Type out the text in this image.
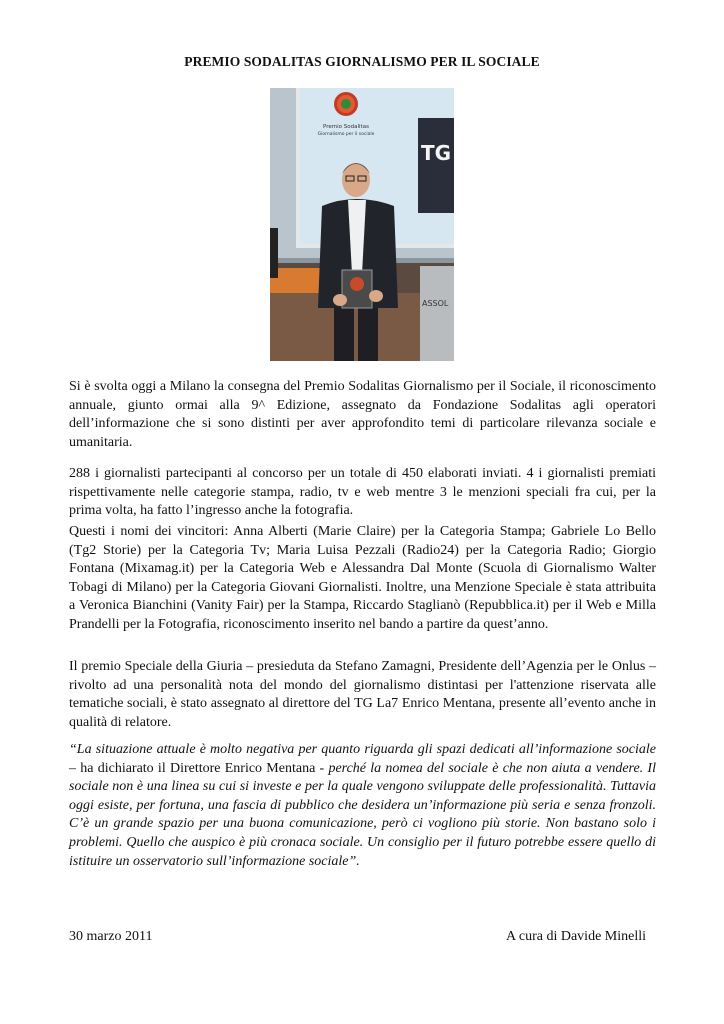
PREMIO SODALITAS GIORNALISMO PER IL SOCIALE
Premio Sodalitas
Giornalismo per il sociale
TG
ASSOL

Si è svolta oggi a Milano la consegna del Premio Sodalitas Giornalismo per il Sociale, il riconoscimento annuale, giunto ormai alla 9^ Edizione, assegnato da Fondazione Sodalitas agli operatori dell’informazione che si sono distinti per aver approfondito temi di particolare rilevanza sociale e umanitaria.

288 i giornalisti partecipanti al concorso per un totale di 450 elaborati inviati. 4 i giornalisti premiati rispettivamente nelle categorie stampa, radio, tv e web mentre 3 le menzioni speciali fra cui, per la prima volta, ha fatto l’ingresso anche la fotografia.

Questi i nomi dei vincitori: Anna Alberti (Marie Claire) per la Categoria Stampa; Gabriele Lo Bello (Tg2 Storie) per la Categoria Tv; Maria Luisa Pezzali (Radio24) per la Categoria Radio; Giorgio Fontana (Mixamag.it) per la Categoria Web e Alessandra Dal Monte (Scuola di Giornalismo Walter Tobagi di Milano) per la Categoria Giovani Giornalisti. Inoltre, una Menzione Speciale è stata attribuita a Veronica Bianchini (Vanity Fair) per la Stampa, Riccardo Staglianò (Repubblica.it) per il Web e Milla Prandelli per la Fotografia, riconoscimento inserito nel bando a partire da quest’anno.

Il premio Speciale della Giuria – presieduta da Stefano Zamagni, Presidente dell’Agenzia per le Onlus – rivolto ad una personalità nota del mondo del giornalismo distintasi per l'attenzione riservata alle tematiche sociali, è stato assegnato al direttore del TG La7 Enrico Mentana, presente all’evento anche in qualità di relatore.

“La situazione attuale è molto negativa per quanto riguarda gli spazi dedicati all’informazione sociale – ha dichiarato il Direttore Enrico Mentana - perché la nomea del sociale è che non aiuta a vendere. Il sociale non è una linea su cui si investe e per la quale vengono sviluppate delle professionalità. Tuttavia oggi esiste, per fortuna, una fascia di pubblico che desidera un’informazione più seria e senza fronzoli. C’è un grande spazio per una buona comunicazione, però ci vogliono più storie. Non bastano solo i problemi. Quello che auspico è più cronaca sociale. Un consiglio per il futuro potrebbe essere quello di istituire un osservatorio sull’informazione sociale”.

30 marzo 2011	A cura di Davide Minelli
